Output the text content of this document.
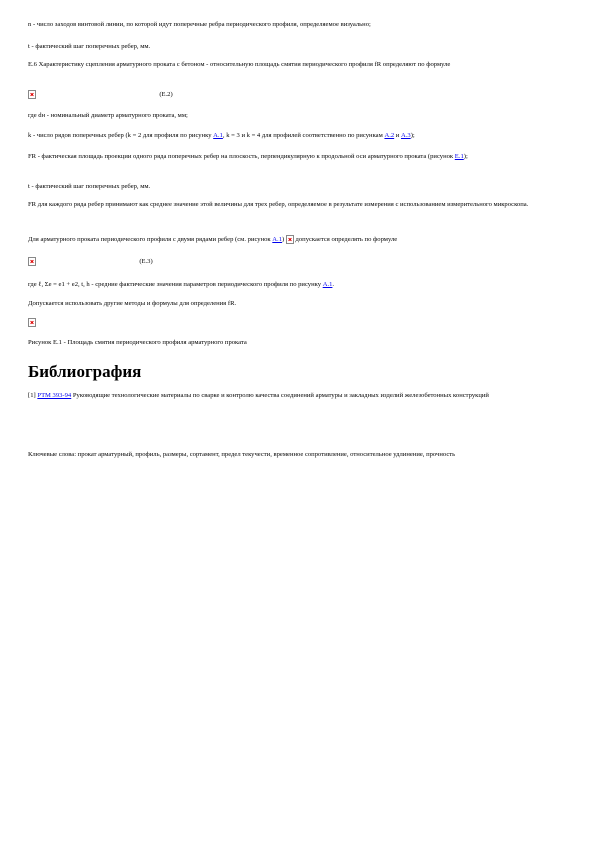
n - число заходов винтовой линии, по которой идут поперечные ребра периодического профиля, определяемое визуально;
t - фактический шаг поперечных ребер, мм.
Е.6 Характеристику сцепления арматурного проката с бетоном - относительную площадь смятия периодического профиля fR определяют по формуле
(Е.2)
где dн - номинальный диаметр арматурного проката, мм;
k - число рядов поперечных ребер (k = 2 для профиля по рисунку А.1, k = 3 и k = 4 для профилей соответственно по рисункам А.2 и А.3);
FR - фактическая площадь проекции одного ряда поперечных ребер на плоскость, перпендикулярную к продольной оси арматурного проката (рисунок Е.1);
t - фактический шаг поперечных ребер, мм.
FR для каждого ряда ребер принимают как среднее значение этой величины для трех ребер, определяемое в результате измерения с использованием измерительного микроскопа.
Для арматурного проката периодического профиля с двумя рядами ребер (см. рисунок А.1)  допускается определять по формуле
(Е.3)
где ℓ, Σe = e1 + e2, t, h - средние фактические значения параметров периодического профиля по рисунку А.1.
Допускается использовать другие методы и формулы для определения fR.
Рисунок Е.1 - Площадь смятия периодического профиля арматурного проката
Библиография
[1] РТМ 393-94 Руководящие технологические материалы по сварке и контролю качества соединений арматуры и закладных изделий железобетонных конструкций
Ключевые слова: прокат арматурный, профиль, размеры, сортамент, предел текучести, временное сопротивление, относительное удлинение, прочность
